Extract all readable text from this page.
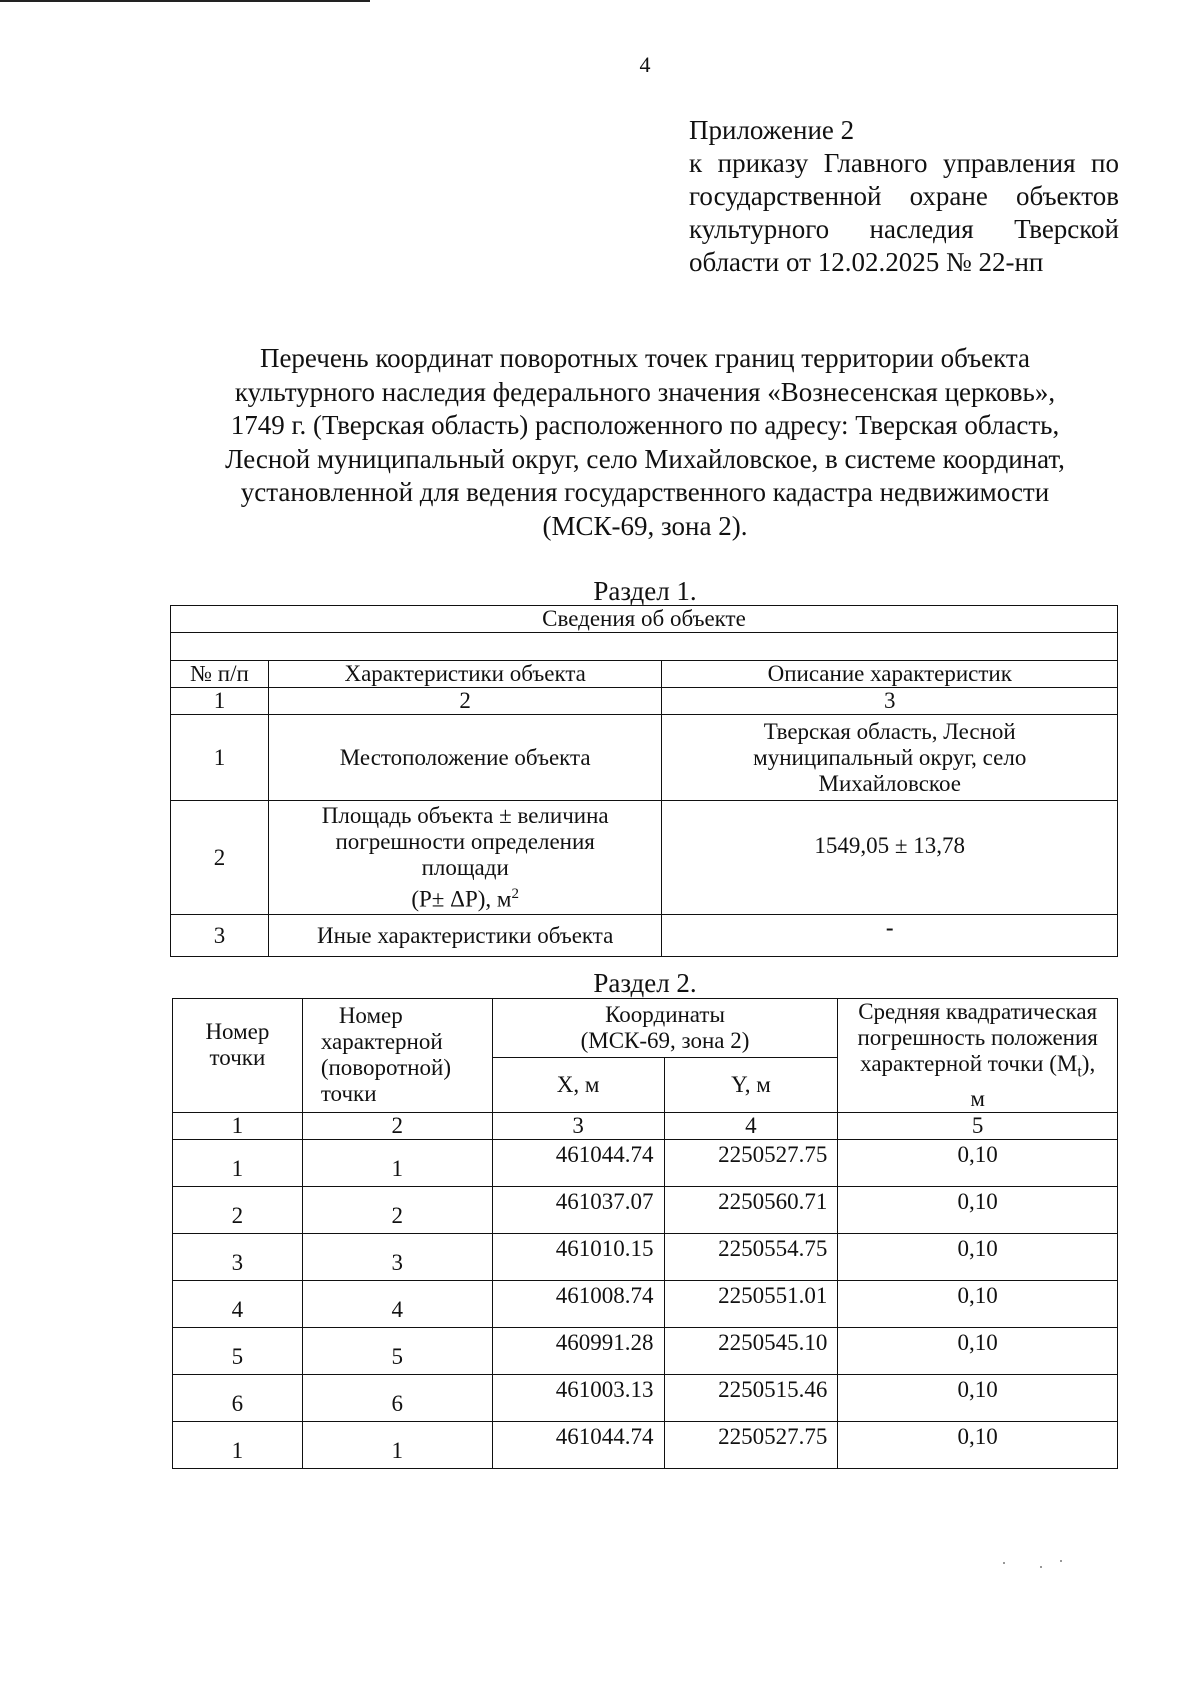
4
Приложение 2
к приказу Главного управления по
государственной охране объектов
культурного наследия Тверской
области от 12.02.2025 № 22-нп
Перечень координат поворотных точек границ территории объекта
культурного наследия федерального значения «Вознесенская церковь»,
1749 г. (Тверская область) расположенного по адресу: Тверская область,
Лесной муниципальный округ, село Михайловское, в системе координат,
установленной для ведения государственного кадастра недвижимости
(МСК-69, зона 2).
Раздел 1.
Сведения об объекте		

№ п/п	Характеристики объекта	Описание характеристик
1	2	3
1	Местоположение объекта	Тверская область, Лесной
муниципальный округ, село
Михайловское

2	Площадь объекта ± величина
погрешности определения
площади
(Р± ΔР), $м^2$	1549,05 ± 13,78
3	Иные характеристики объекта	-
Раздел 2.
Номер
точки	Номер
характерной
(поворотной)
точки	Координаты
(МСК-69, зона 2)		Средняя квадратическая
погрешность положения
характерной точки $(M_t)$,
м

		X, м	Y, м	
1	2	3	4	5
1	1	461044.74	2250527.75	0,10
2	2	461037.07	2250560.71	0,10
3	3	461010.15	2250554.75	0,10
4	4	461008.74	2250551.01	0,10
5	5	460991.28	2250545.10	0,10
6	6	461003.13	2250515.46	0,10
1	1	461044.74	2250527.75	0,10
